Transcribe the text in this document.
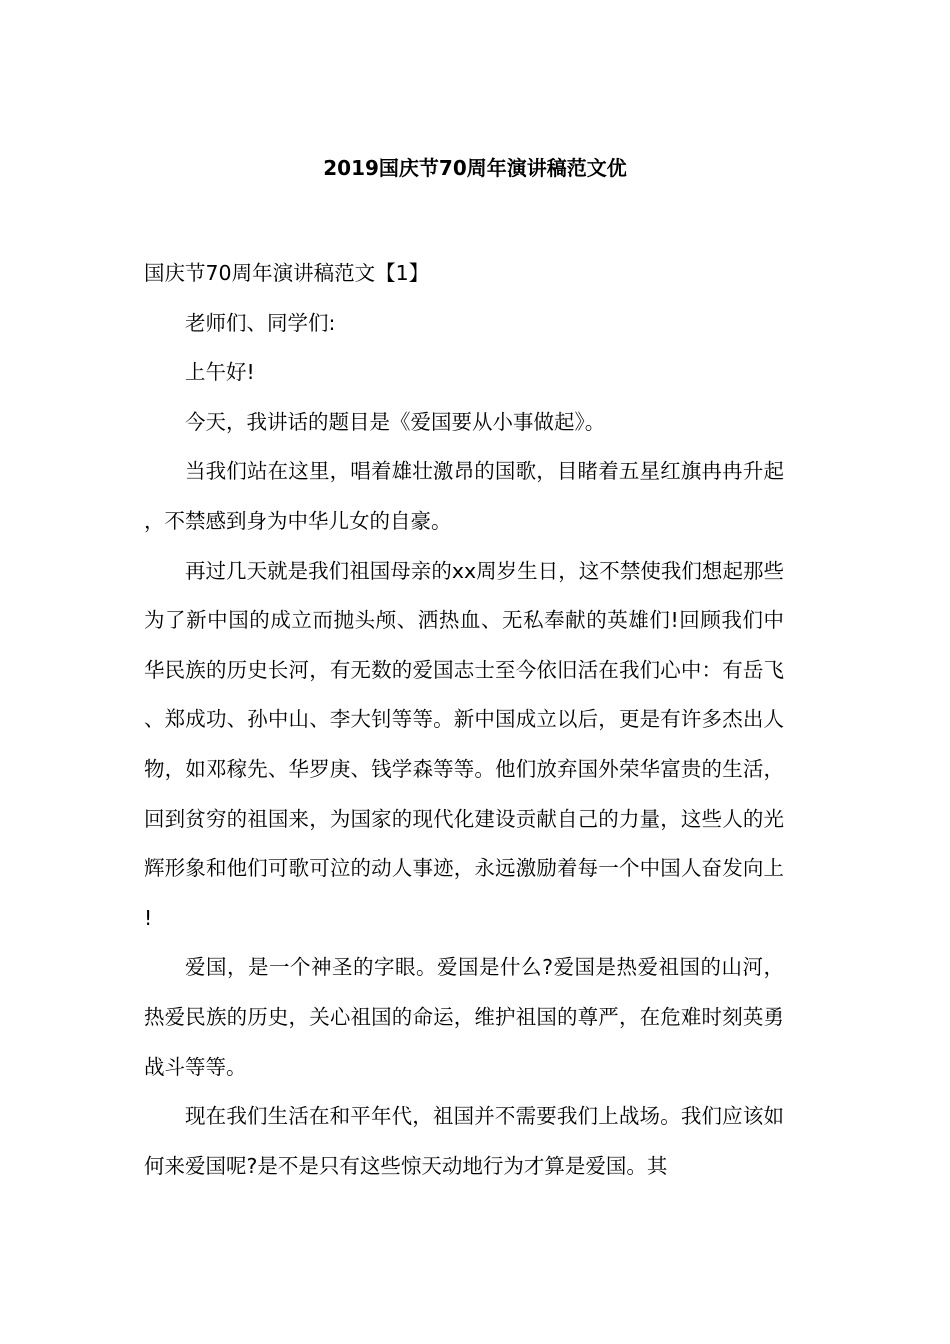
2019国庆节70周年演讲稿范文优
国庆节70周年演讲稿范文【1】

老师们、同学们:

上午好!

今天，我讲话的题目是《爱国要从小事做起》。

当我们站在这里，唱着雄壮激昂的国歌，目睹着五星红旗冉冉升起，不禁感到身为中华儿女的自豪。

再过几天就是我们祖国母亲的xx周岁生日，这不禁使我们想起那些为了新中国的成立而抛头颅、洒热血、无私奉献的英雄们!回顾我们中华民族的历史长河，有无数的爱国志士至今依旧活在我们心中：有岳飞、郑成功、孙中山、李大钊等等。新中国成立以后，更是有许多杰出人物，如邓稼先、华罗庚、钱学森等等。他们放弃国外荣华富贵的生活，回到贫穷的祖国来，为国家的现代化建设贡献自己的力量，这些人的光辉形象和他们可歌可泣的动人事迹，永远激励着每一个中国人奋发向上!

爱国，是一个神圣的字眼。爱国是什么?爱国是热爱祖国的山河，热爱民族的历史，关心祖国的命运，维护祖国的尊严，在危难时刻英勇战斗等等。

现在我们生活在和平年代，祖国并不需要我们上战场。我们应该如何来爱国呢?是不是只有这些惊天动地行为才算是爱国。其
